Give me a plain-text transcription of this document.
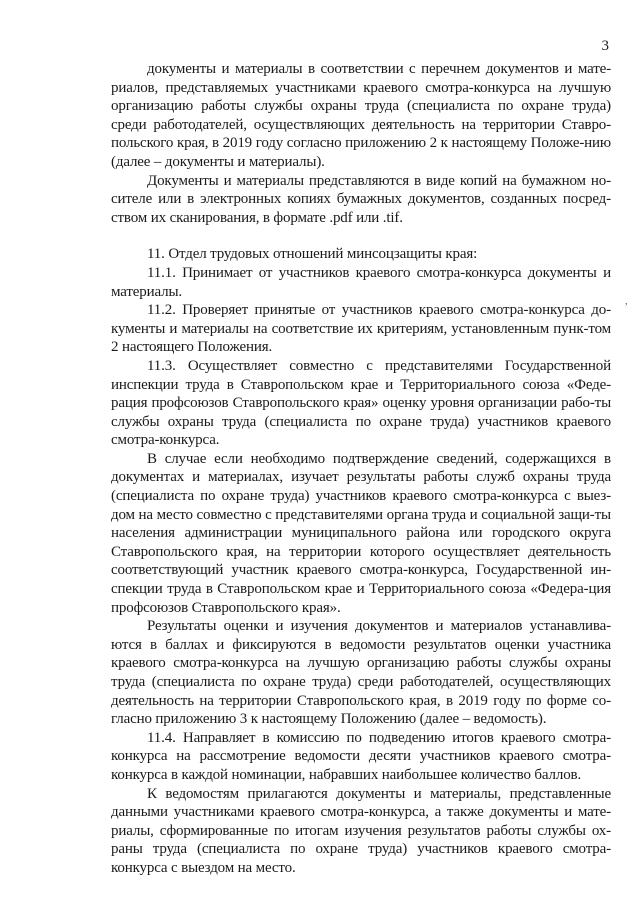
3

документы и материалы в соответствии с перечнем документов и мате-риалов, представляемых участниками краевого смотра-конкурса на лучшую организацию работы службы охраны труда (специалиста по охране труда) среди работодателей, осуществляющих деятельность на территории Ставро-польского края, в 2019 году согласно приложению 2 к настоящему Положе-нию (далее – документы и материалы).

Документы и материалы представляются в виде копий на бумажном но-сителе или в электронных копиях бумажных документов, созданных посред-ством их сканирования, в формате .pdf или .tif.

11. Отдел трудовых отношений минсоцзащиты края:

11.1. Принимает от участников краевого смотра-конкурса документы и материалы.

11.2. Проверяет принятые от участников краевого смотра-конкурса до-кументы и материалы на соответствие их критериям, установленным пунк-том 2 настоящего Положения.

11.3. Осуществляет совместно с представителями Государственной инспекции труда в Ставропольском крае и Территориального союза «Феде-рация профсоюзов Ставропольского края» оценку уровня организации рабо-ты службы охраны труда (специалиста по охране труда) участников краевого смотра-конкурса.

В случае если необходимо подтверждение сведений, содержащихся в документах и материалах, изучает результаты работы служб охраны труда (специалиста по охране труда) участников краевого смотра-конкурса с выез-дом на место совместно с представителями органа труда и социальной защи-ты населения администрации муниципального района или городского округа Ставропольского края, на территории которого осуществляет деятельность соответствующий участник краевого смотра-конкурса, Государственной ин-спекции труда в Ставропольском крае и Территориального союза «Федера-ция профсоюзов Ставропольского края».

Результаты оценки и изучения документов и материалов устанавлива-ются в баллах и фиксируются в ведомости результатов оценки участника краевого смотра-конкурса на лучшую организацию работы службы охраны труда (специалиста по охране труда) среди работодателей, осуществляющих деятельность на территории Ставропольского края, в 2019 году по форме со-гласно приложению 3 к настоящему Положению (далее – ведомость).

11.4. Направляет в комиссию по подведению итогов краевого смотра-конкурса на рассмотрение ведомости десяти участников краевого смотра-конкурса в каждой номинации, набравших наибольшее количество баллов.

К ведомостям прилагаются документы и материалы, представленные данными участниками краевого смотра-конкурса, а также документы и мате-риалы, сформированные по итогам изучения результатов работы службы ох-раны труда (специалиста по охране труда) участников краевого смотра-конкурса с выездом на место.

,
